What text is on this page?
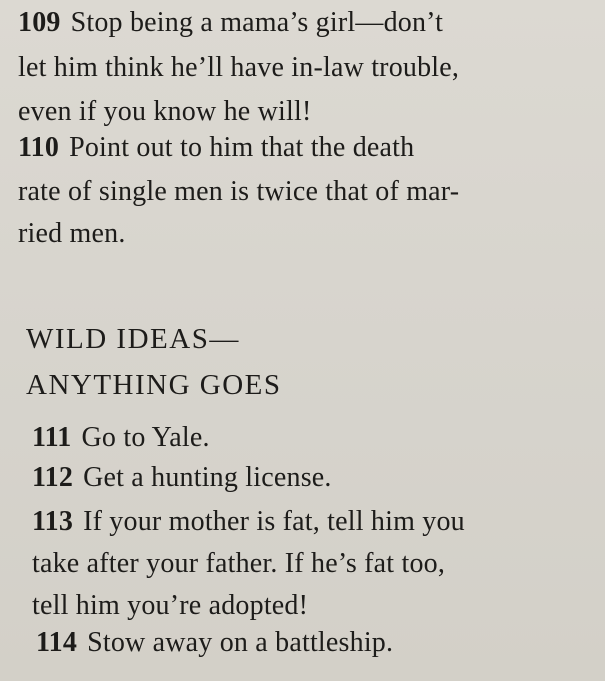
109 Stop being a mama’s girl—don’t
let him think he’ll have in-law trouble,
even if you know he will!
110 Point out to him that the death
rate of single men is twice that of mar-
ried men.
WILD IDEAS—
ANYTHING GOES
111 Go to Yale.
112 Get a hunting license.
113 If your mother is fat, tell him you
take after your father. If he’s fat too,
tell him you’re adopted!
114 Stow away on a battleship.
